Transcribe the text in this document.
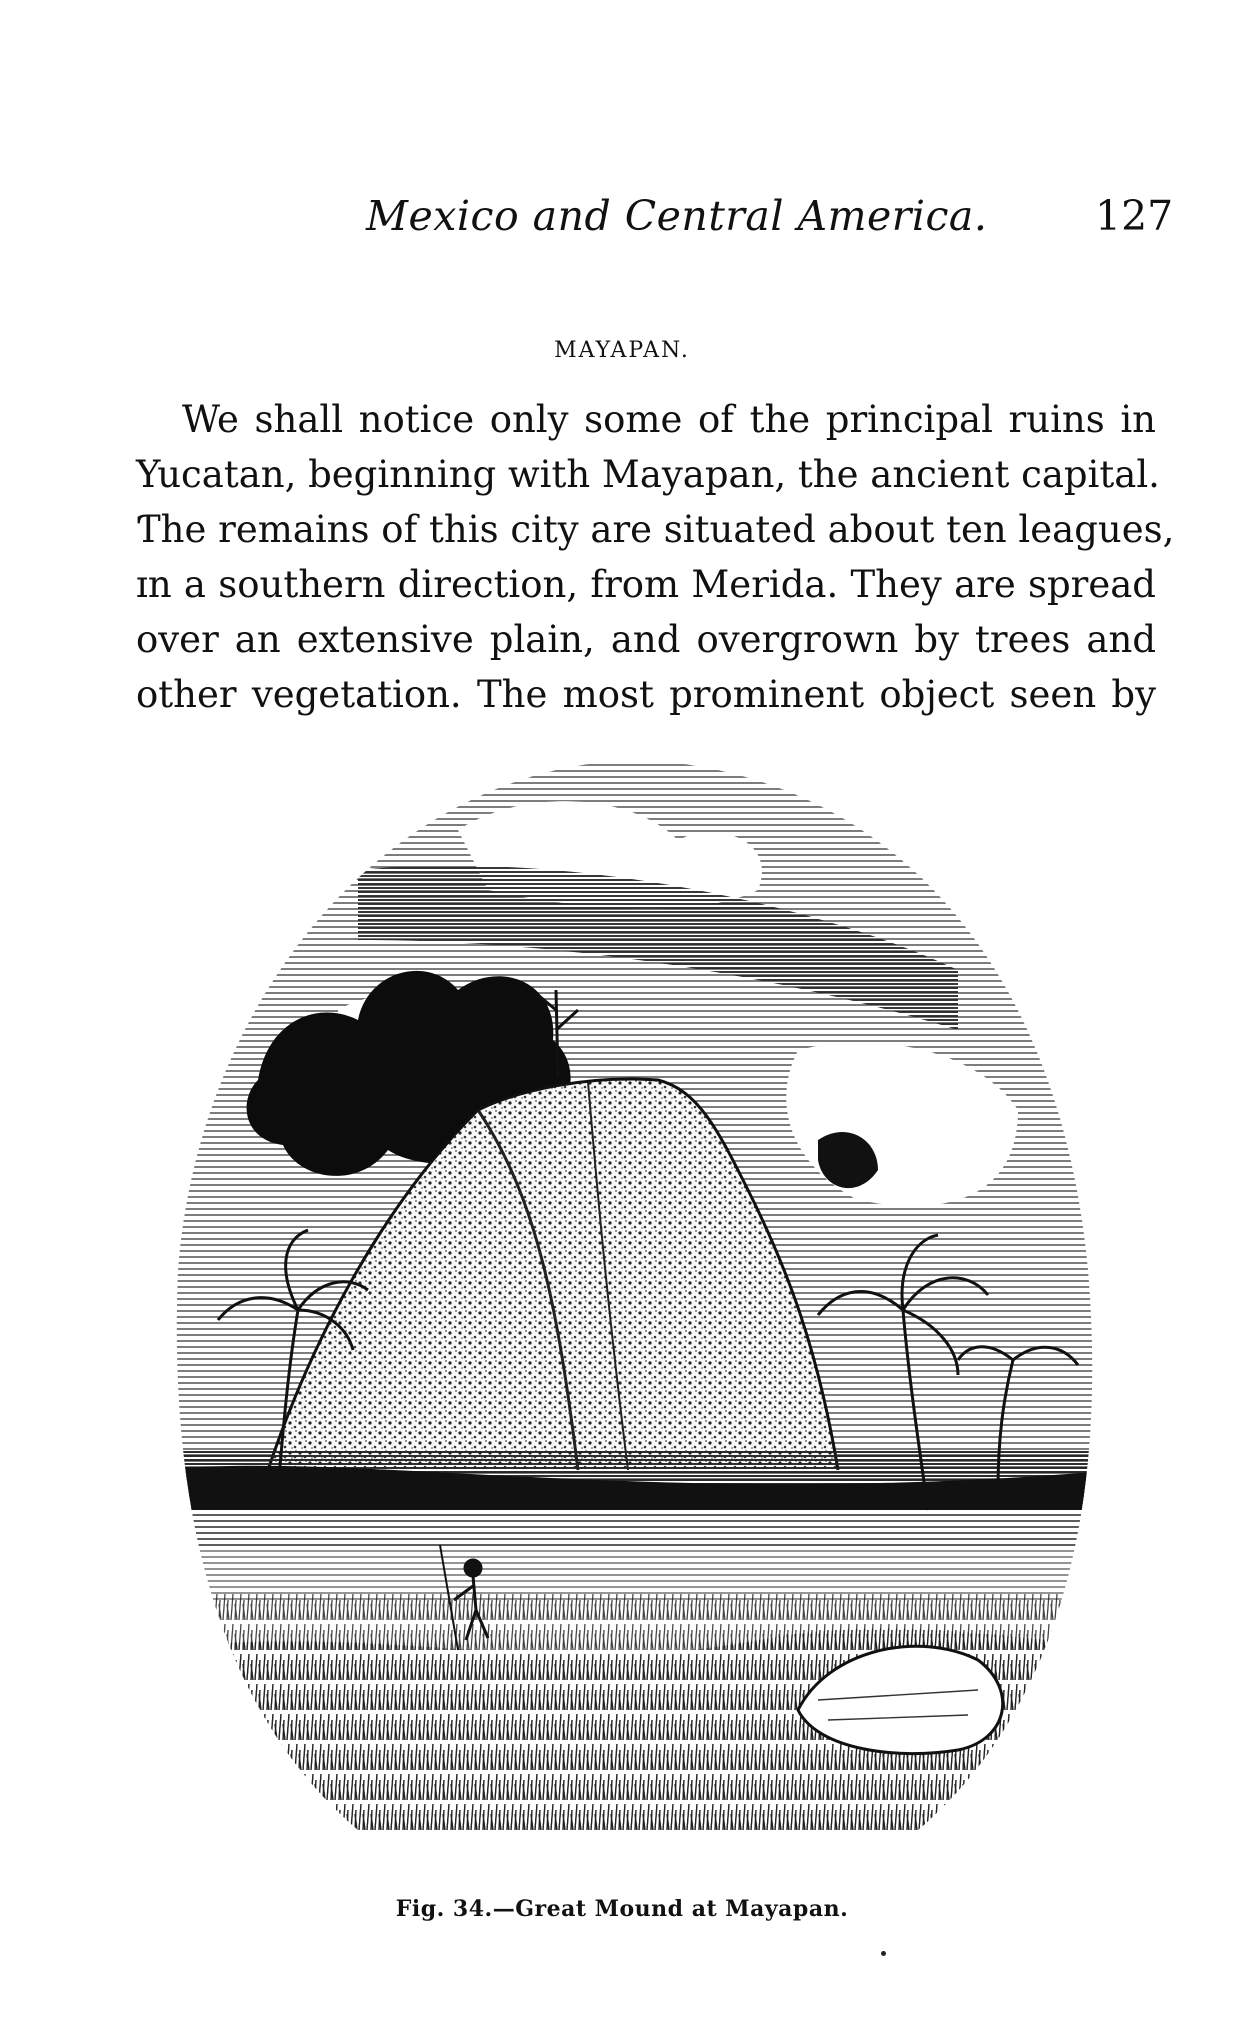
Mexico and Central America.	127
MAYAPAN.

We shall notice only some of the principal ruins in
Yucatan, beginning with Mayapan, the ancient capital.
Ƭhe remains of this city are situated about ten leagues,
ɪn a southern direction, from Merida. They are spread
over an extensive plain, and overgrown by trees and
other vegetation. The most prominent object seen by

Fig. 34.—Great Mound at Mayapan.
